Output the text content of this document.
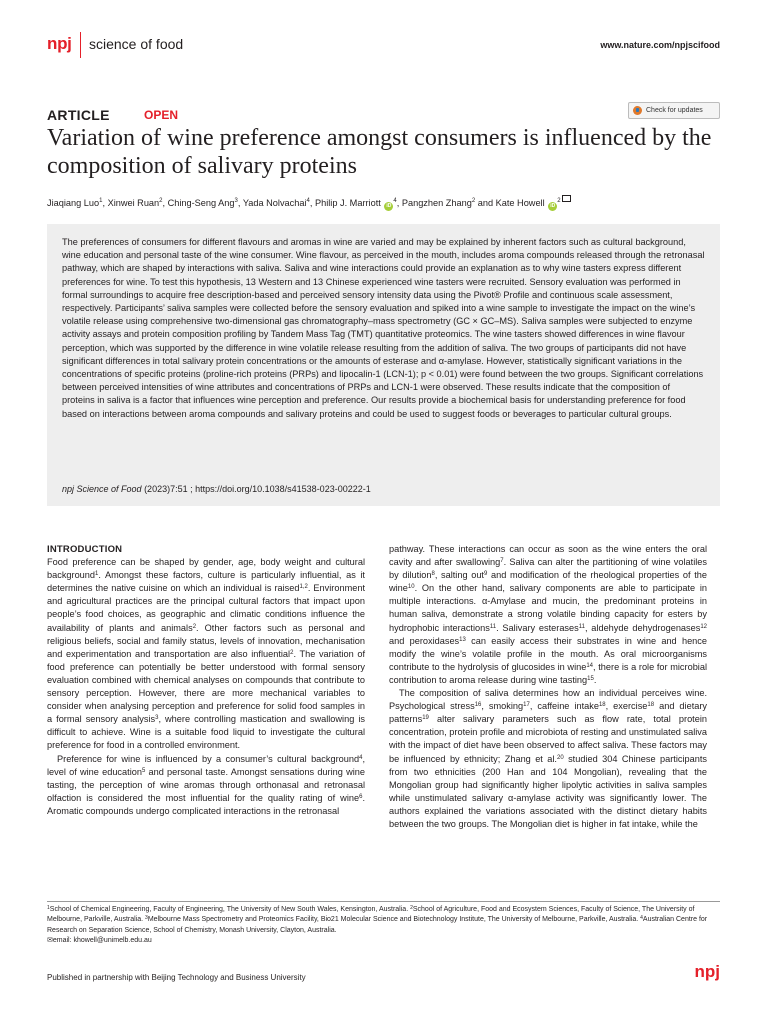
npj science of food	www.nature.com/npjscifood
ARTICLE	OPEN	Check for updates
Variation of wine preference amongst consumers is influenced by the composition of salivary proteins
Jiaqiang Luo$^1$, Xinwei Ruan$^2$, Ching-Seng Ang$^3$, Yada Nolvachai$^4$, Philip J. Marriott $iD^4$, Pangzhen Zhang$^2$ and Kate Howell $iD^2$

The preferences of consumers for different flavours and aromas in wine are varied and may be explained by inherent factors such as cultural background, wine education and personal taste of the wine consumer. Wine flavour, as perceived in the mouth, includes aroma compounds released through the retronasal pathway, which are shaped by interactions with saliva. Saliva and wine interactions could provide an explanation as to why wine tasters express different preferences for wine. To test this hypothesis, 13 Western and 13 Chinese experienced wine tasters were recruited. Sensory evaluation was performed in formal surroundings to acquire free description-based and perceived sensory intensity data using the Pivot® Profile and continuous scale assessment, respectively. Participants’ saliva samples were collected before the sensory evaluation and spiked into a wine sample to investigate the impact on the wine’s volatile release using comprehensive two-dimensional gas chromatography–mass spectrometry (GC × GC–MS). Saliva samples were subjected to enzyme activity assays and protein composition profiling by Tandem Mass Tag (TMT) quantitative proteomics. The wine tasters showed differences in wine flavour perception, which was supported by the difference in wine volatile release resulting from the addition of saliva. The two groups of participants did not have significant differences in total salivary protein concentrations or the amounts of esterase and α-amylase. However, statistically significant variations in the concentrations of specific proteins (proline-rich proteins (PRPs) and lipocalin-1 (LCN-1); p < 0.01) were found between the two groups. Significant correlations between perceived intensities of wine attributes and concentrations of PRPs and LCN-1 were observed. These results indicate that the composition of proteins in saliva is a factor that influences wine perception and preference. Our results provide a biochemical basis for understanding preference for food based on interactions between aroma compounds and salivary proteins and could be used to suggest foods or beverages to particular cultural groups.

npj Science of Food (2023)7:51 ; https://doi.org/10.1038/s41538-023-00222-1

INTRODUCTION

Food preference can be shaped by gender, age, body weight and cultural background$^1$. Amongst these factors, culture is particularly influential, as it determines the native cuisine on which an individual is raised$^{1,2}$. Environment and agricultural practices are the principal cultural factors that impact upon people’s food choices, as geographic and climatic conditions influence the availability of plants and animals$^2$. Other factors such as personal and religious beliefs, social and family status, levels of innovation, mechanisation and experimentation and transportation are also influential$^2$. The variation of food preference can potentially be better understood with formal sensory evaluation combined with chemical analyses on compounds that contribute to sensory perception. However, there are more mechanical variables to consider when analysing perception and preference for solid food samples in a formal sensory analysis$^3$, where controlling mastication and swallowing is difficult to achieve. Wine is a suitable food liquid to investigate the cultural preference for food in a controlled environment.

Preference for wine is influenced by a consumer’s cultural background$^4$, level of wine education$^5$ and personal taste. Amongst sensations during wine tasting, the perception of wine aromas through orthonasal and retronasal olfaction is considered the most influential for the quality rating of wine$^6$. Aromatic compounds undergo complicated interactions in the retronasal

pathway. These interactions can occur as soon as the wine enters the oral cavity and after swallowing$^7$. Saliva can alter the partitioning of wine volatiles by dilution$^8$, salting out$^9$ and modification of the rheological properties of the wine$^{10}$. On the other hand, salivary components are able to participate in multiple interactions. α-Amylase and mucin, the predominant proteins in human saliva, demonstrate a strong volatile binding capacity for esters by hydrophobic interactions$^{11}$. Salivary esterases$^{11}$, aldehyde dehydrogenases$^{12}$ and peroxidases$^{13}$ can easily access their substrates in wine and hence modify the wine’s volatile profile in the mouth. As oral microorganisms contribute to the hydrolysis of glucosides in wine$^{14}$, there is a role for microbial contribution to aroma release during wine tasting$^{15}$.

The composition of saliva determines how an individual perceives wine. Psychological stress$^{16}$, smoking$^{17}$, caffeine intake$^{18}$, exercise$^{18}$ and dietary patterns$^{19}$ alter salivary parameters such as flow rate, total protein concentration, protein profile and microbiota of resting and unstimulated saliva with the impact of diet have been observed to affect saliva. These factors may be influenced by ethnicity; Zhang et al.$^{20}$ studied 304 Chinese participants from two ethnicities (200 Han and 104 Mongolian), revealing that the Mongolian group had significantly higher lipolytic activities in saliva samples while unstimulated salivary α-amylase activity was significantly lower. The authors explained the variations associated with the distinct dietary habits between the two groups. The Mongolian diet is higher in fat intake, while the

$^1$School of Chemical Engineering, Faculty of Engineering, The University of New South Wales, Kensington, Australia. $^2$School of Agriculture, Food and Ecosystem Sciences, Faculty of Science, The University of Melbourne, Parkville, Australia. $^3$Melbourne Mass Spectrometry and Proteomics Facility, Bio21 Molecular Science and Biotechnology Institute, The University of Melbourne, Parkville, Australia. $^4$Australian Centre for Research on Separation Science, School of Chemistry, Monash University, Clayton, Australia.

✉email: khowell@unimelb.edu.au

Published in partnership with Beijing Technology and Business University	npj
